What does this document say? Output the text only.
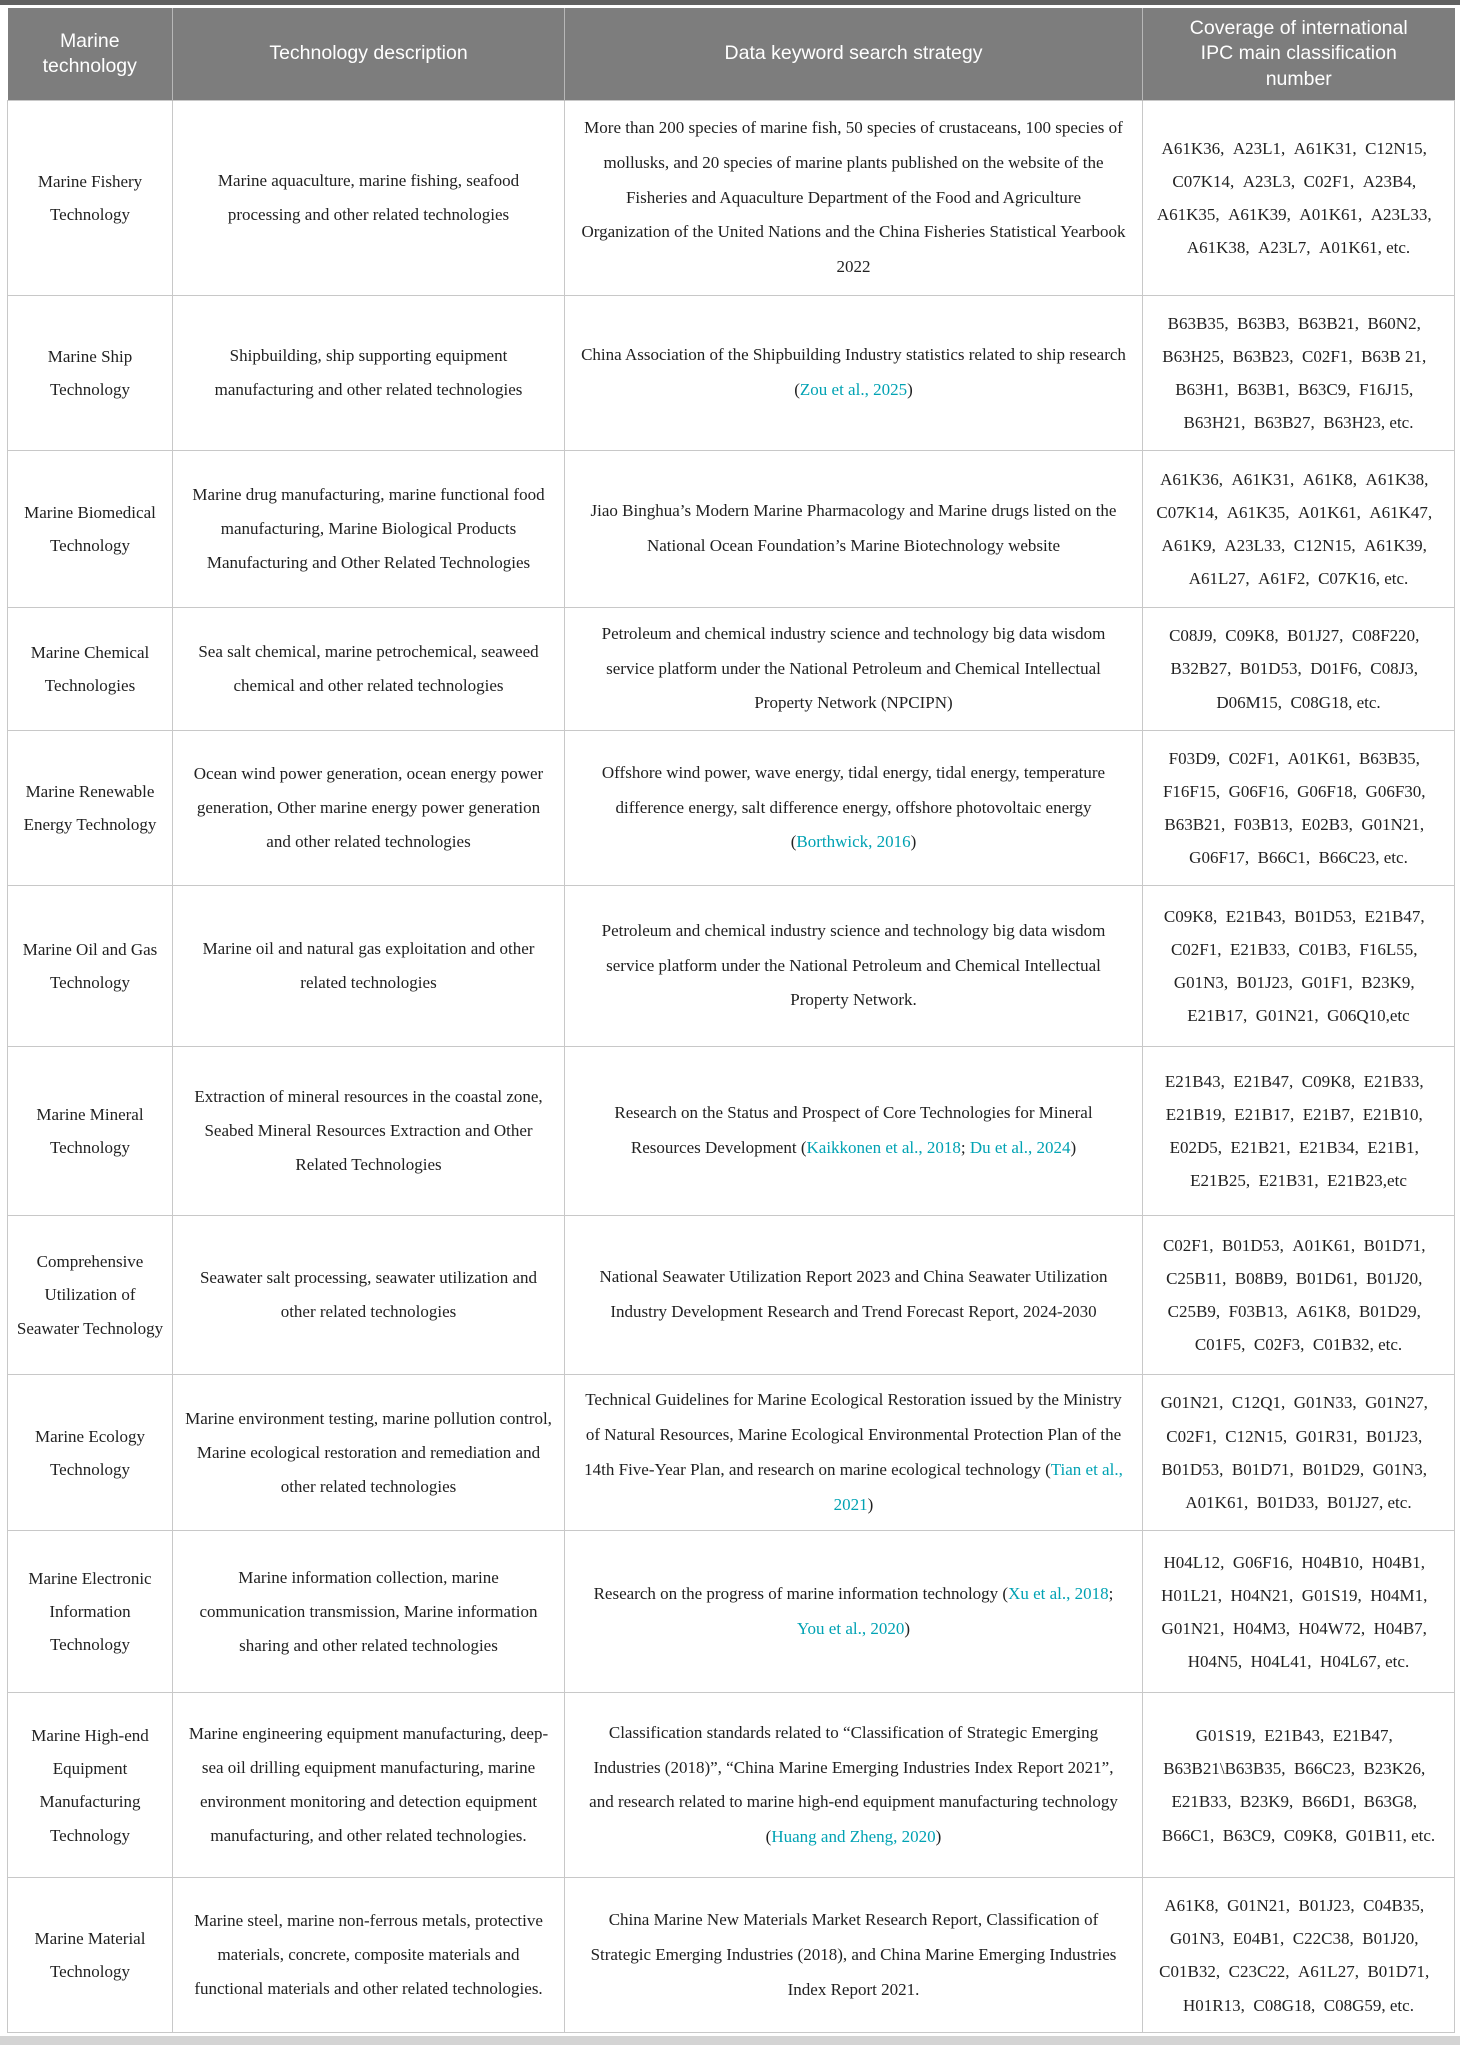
Marine technology	Technology description	Data keyword search strategy	Coverage of international IPC main classification number

Marine Fishery Technology	Marine aquaculture, marine fishing, seafood processing and other related technologies	More than 200 species of marine fish, 50 species of crustaceans, 100 species of mollusks, and 20 species of marine plants published on the website of the Fisheries and Aquaculture Department of the Food and Agriculture Organization of the United Nations and the China Fisheries Statistical Yearbook 2022	A61K36, A23L1, A61K31, C12N15, C07K14, A23L3, C02F1, A23B4, A61K35, A61K39, A01K61, A23L33, A61K38, A23L7, A01K61, etc.
Marine Ship Technology	Shipbuilding, ship supporting equipment manufacturing and other related technologies	China Association of the Shipbuilding Industry statistics related to ship research (Zou et al., 2025)	B63B35, B63B3, B63B21, B60N2, B63H25, B63B23, C02F1, B63B 21, B63H1, B63B1, B63C9, F16J15, B63H21, B63B27, B63H23, etc.
Marine Biomedical Technology	Marine drug manufacturing, marine functional food manufacturing, Marine Biological Products Manufacturing and Other Related Technologies	Jiao Binghua’s Modern Marine Pharmacology and Marine drugs listed on the National Ocean Foundation’s Marine Biotechnology website	A61K36, A61K31, A61K8, A61K38, C07K14, A61K35, A01K61, A61K47, A61K9, A23L33, C12N15, A61K39, A61L27, A61F2, C07K16, etc.
Marine Chemical Technologies	Sea salt chemical, marine petrochemical, seaweed chemical and other related technologies	Petroleum and chemical industry science and technology big data wisdom service platform under the National Petroleum and Chemical Intellectual Property Network (NPCIPN)	C08J9, C09K8, B01J27, C08F220, B32B27, B01D53, D01F6, C08J3, D06M15, C08G18, etc.
Marine Renewable Energy Technology	Ocean wind power generation, ocean energy power generation, Other marine energy power generation and other related technologies	Offshore wind power, wave energy, tidal energy, tidal energy, temperature difference energy, salt difference energy, offshore photovoltaic energy (Borthwick, 2016)	F03D9, C02F1, A01K61, B63B35, F16F15, G06F16, G06F18, G06F30, B63B21, F03B13, E02B3, G01N21, G06F17, B66C1, B66C23, etc.
Marine Oil and Gas Technology	Marine oil and natural gas exploitation and other related technologies	Petroleum and chemical industry science and technology big data wisdom service platform under the National Petroleum and Chemical Intellectual Property Network.	C09K8, E21B43, B01D53, E21B47, C02F1, E21B33, C01B3, F16L55, G01N3, B01J23, G01F1, B23K9, E21B17, G01N21, G06Q10,etc
Marine Mineral Technology	Extraction of mineral resources in the coastal zone, Seabed Mineral Resources Extraction and Other Related Technologies	Research on the Status and Prospect of Core Technologies for Mineral Resources Development (Kaikkonen et al., 2018; Du et al., 2024)	E21B43, E21B47, C09K8, E21B33, E21B19, E21B17, E21B7, E21B10, E02D5, E21B21, E21B34, E21B1, E21B25, E21B31, E21B23,etc
Comprehensive Utilization of Seawater Technology	Seawater salt processing, seawater utilization and other related technologies	National Seawater Utilization Report 2023 and China Seawater Utilization Industry Development Research and Trend Forecast Report, 2024-2030	C02F1, B01D53, A01K61, B01D71, C25B11, B08B9, B01D61, B01J20, C25B9, F03B13, A61K8, B01D29, C01F5, C02F3, C01B32, etc.
Marine Ecology Technology	Marine environment testing, marine pollution control, Marine ecological restoration and remediation and other related technologies	Technical Guidelines for Marine Ecological Restoration issued by the Ministry of Natural Resources, Marine Ecological Environmental Protection Plan of the 14th Five-Year Plan, and research on marine ecological technology (Tian et al., 2021)	G01N21, C12Q1, G01N33, G01N27, C02F1, C12N15, G01R31, B01J23, B01D53, B01D71, B01D29, G01N3, A01K61, B01D33, B01J27, etc.
Marine Electronic Information Technology	Marine information collection, marine communication transmission, Marine information sharing and other related technologies	Research on the progress of marine information technology (Xu et al., 2018; You et al., 2020)	H04L12, G06F16, H04B10, H04B1, H01L21, H04N21, G01S19, H04M1, G01N21, H04M3, H04W72, H04B7, H04N5, H04L41, H04L67, etc.
Marine High-end Equipment Manufacturing Technology	Marine engineering equipment manufacturing, deep-sea oil drilling equipment manufacturing, marine environment monitoring and detection equipment manufacturing, and other related technologies.	Classification standards related to “Classification of Strategic Emerging Industries (2018)”, “China Marine Emerging Industries Index Report 2021”, and research related to marine high-end equipment manufacturing technology (Huang and Zheng, 2020)	G01S19, E21B43, E21B47, B63B21\B63B35, B66C23, B23K26, E21B33, B23K9, B66D1, B63G8, B66C1, B63C9, C09K8, G01B11, etc.
Marine Material Technology	Marine steel, marine non-ferrous metals, protective materials, concrete, composite materials and functional materials and other related technologies.	China Marine New Materials Market Research Report, Classification of Strategic Emerging Industries (2018), and China Marine Emerging Industries Index Report 2021.	A61K8, G01N21, B01J23, C04B35, G01N3, E04B1, C22C38, B01J20, C01B32, C23C22, A61L27, B01D71, H01R13, C08G18, C08G59, etc.
